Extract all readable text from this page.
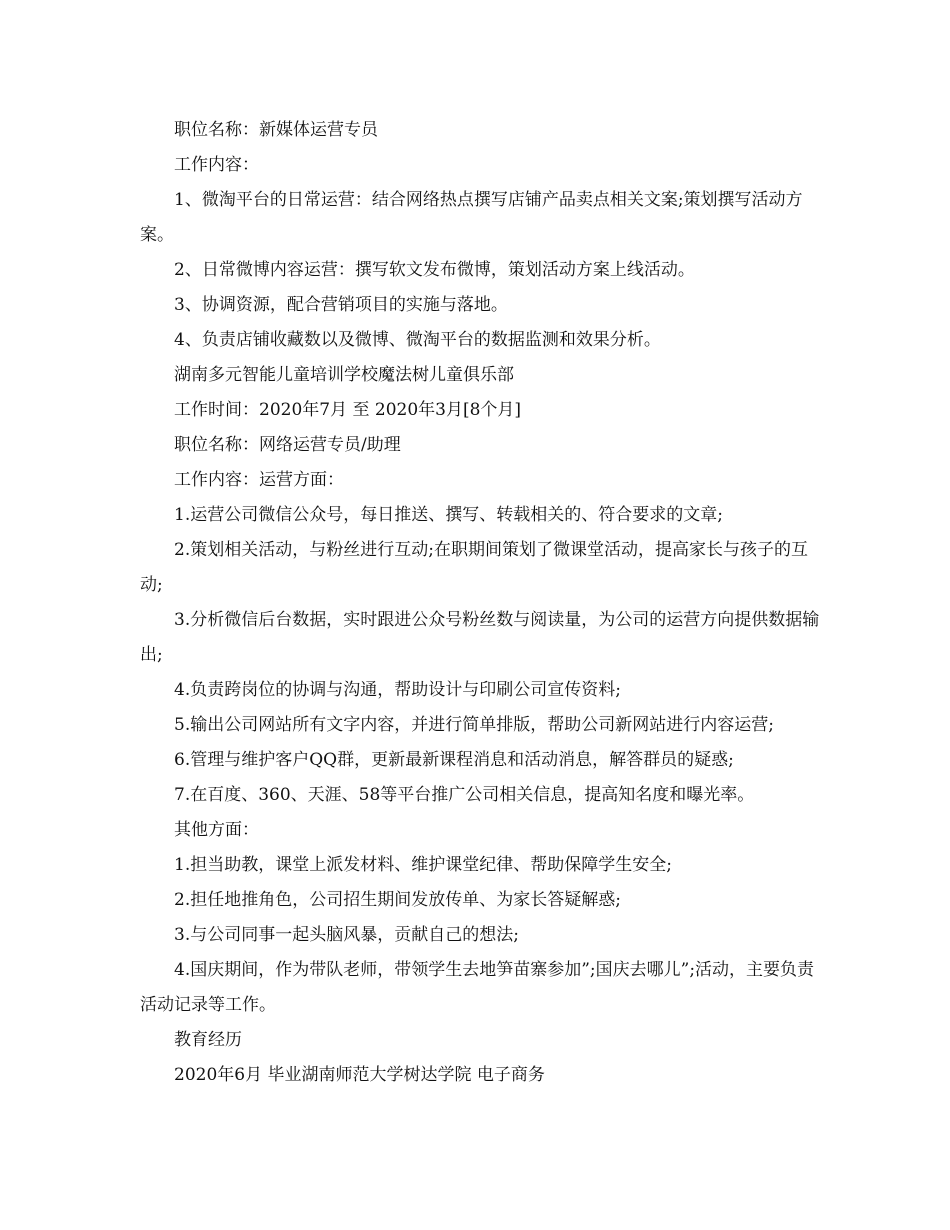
职位名称：新媒体运营专员

工作内容：

1、微淘平台的日常运营：结合网络热点撰写店铺产品卖点相关文案;策划撰写活动方案。

2、日常微博内容运营：撰写软文发布微博，策划活动方案上线活动。

3、协调资源，配合营销项目的实施与落地。

4、负责店铺收藏数以及微博、微淘平台的数据监测和效果分析。

湖南多元智能儿童培训学校魔法树儿童俱乐部

工作时间：2020年7月 至 2020年3月[8个月]

职位名称：网络运营专员/助理

工作内容：运营方面：

1.运营公司微信公众号，每日推送、撰写、转载相关的、符合要求的文章;

2.策划相关活动，与粉丝进行互动;在职期间策划了微课堂活动，提高家长与孩子的互动;

3.分析微信后台数据，实时跟进公众号粉丝数与阅读量，为公司的运营方向提供数据输出;

4.负责跨岗位的协调与沟通，帮助设计与印刷公司宣传资料;

5.输出公司网站所有文字内容，并进行简单排版，帮助公司新网站进行内容运营;

6.管理与维护客户QQ群，更新最新课程消息和活动消息，解答群员的疑惑;

7.在百度、360、天涯、58等平台推广公司相关信息，提高知名度和曝光率。

其他方面：

1.担当助教，课堂上派发材料、维护课堂纪律、帮助保障学生安全;

2.担任地推角色，公司招生期间发放传单、为家长答疑解惑;

3.与公司同事一起头脑风暴，贡献自己的想法;

4.国庆期间，作为带队老师，带领学生去地笋苗寨参加”;国庆去哪儿”;活动，主要负责活动记录等工作。

教育经历

2020年6月 毕业湖南师范大学树达学院 电子商务
